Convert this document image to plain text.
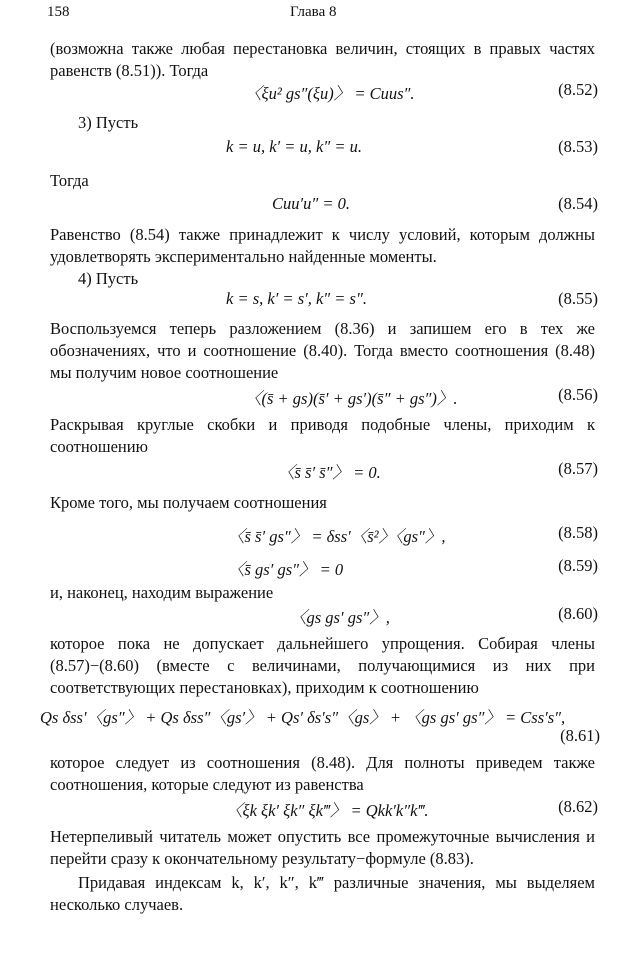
158	Глава 8
(возможна также любая перестановка величин, стоящих в правых частях равенств (8.51)). Тогда
〈ξu² gs″(ξu)〉 = Cuus″.	(8.52)
3) Пусть
k = u, k′ = u, k″ = u.	(8.53)
Тогда
Cuu′u″ = 0.	(8.54)
Равенство (8.54) также принадлежит к числу условий, которым должны удовлетворять экспериментально найденные моменты.
4) Пусть
k = s, k′ = s′, k″ = s″.	(8.55)
Воспользуемся теперь разложением (8.36) и запишем его в тех же обозначениях, что и соотношение (8.40). Тогда вместо соотношения (8.48) мы получим новое соотношение
〈(s̄ + gs)(s̄′ + gs′)(s̄″ + gs″)〉.	(8.56)
Раскрывая круглые скобки и приводя подобные члены, приходим к соотношению
〈s̄ s̄′ s̄″〉 = 0.	(8.57)
Кроме того, мы получаем соотношения
〈s̄ s̄′ gs″〉 = δss′〈s̄²〉〈gs″〉,	(8.58)
〈s̄ gs′ gs″〉 = 0	(8.59)
и, наконец, находим выражение
〈gs gs′ gs″〉,	(8.60)
которое пока не допускает дальнейшего упрощения. Собирая члены (8.57)−(8.60) (вместе с величинами, получающимися из них при соответствующих перестановках), приходим к соотношению
Qs δss′〈gs″〉 + Qs δss″〈gs′〉 + Qs′ δs′s″〈gs〉 + 〈gs gs′ gs″〉 = Css′s″,
(8.61)
которое следует из соотношения (8.48). Для полноты приведем также соотношения, которые следуют из равенства
〈ξk ξk′ ξk″ ξk‴〉 = Qkk′k″k‴.	(8.62)
Нетерпеливый читатель может опустить все промежуточные вычисления и перейти сразу к окончательному результату−формуле (8.83).
Придавая индексам k, k′, k″, k‴ различные значения, мы выделяем несколько случаев.
